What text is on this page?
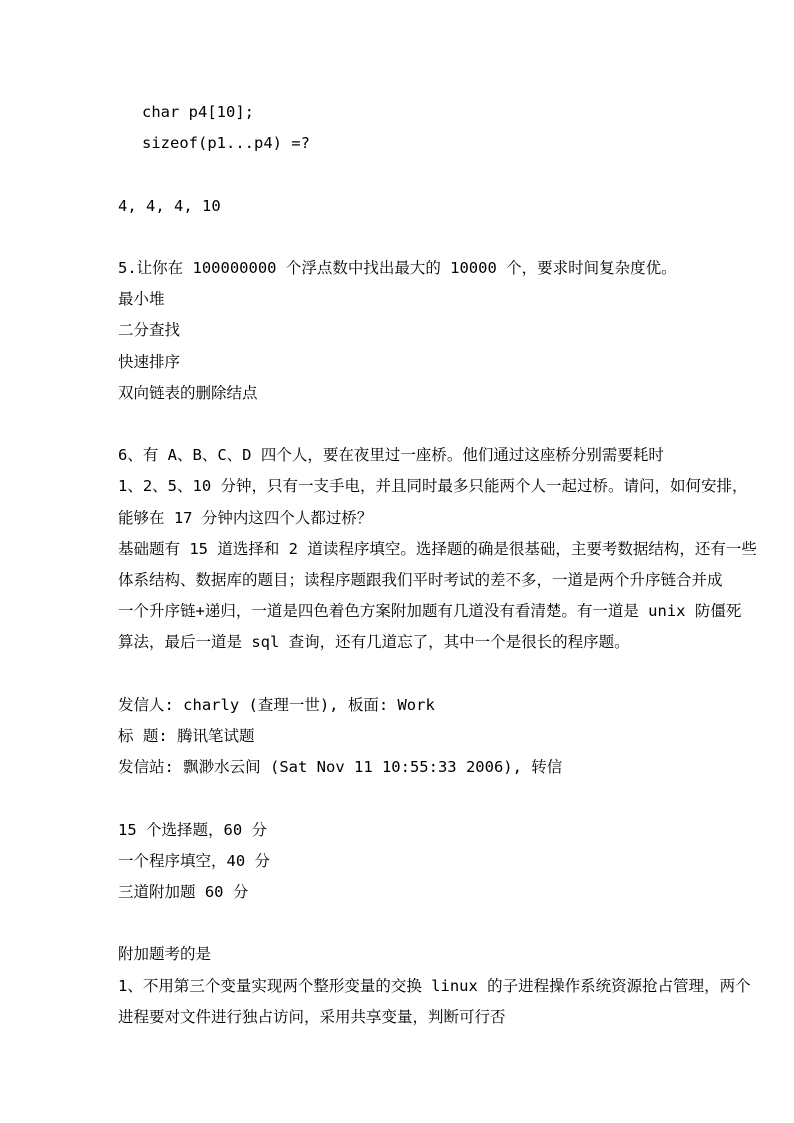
char p4[10];

sizeof(p1...p4) =?

4, 4, 4, 10

5.让你在 100000000 个浮点数中找出最大的 10000 个，要求时间复杂度优。

最小堆

二分查找

快速排序

双向链表的删除结点

6、有 A、B、C、D 四个人，要在夜里过一座桥。他们通过这座桥分别需要耗时

1、2、5、10 分钟，只有一支手电，并且同时最多只能两个人一起过桥。请问，如何安排，

能够在 17 分钟内这四个人都过桥？

基础题有 15 道选择和 2 道读程序填空。选择题的确是很基础，主要考数据结构，还有一些

体系结构、数据库的题目；读程序题跟我们平时考试的差不多，一道是两个升序链合并成

一个升序链+递归，一道是四色着色方案附加题有几道没有看清楚。有一道是 unix 防僵死

算法，最后一道是 sql 查询，还有几道忘了，其中一个是很长的程序题。

发信人: charly (查理一世), 板面: Work

标 题: 腾讯笔试题

发信站: 飘渺水云间 (Sat Nov 11 10:55:33 2006), 转信

15 个选择题，60 分

一个程序填空，40 分

三道附加题 60 分

附加题考的是

1、不用第三个变量实现两个整形变量的交换 linux 的子进程操作系统资源抢占管理，两个

进程要对文件进行独占访问，采用共享变量，判断可行否
